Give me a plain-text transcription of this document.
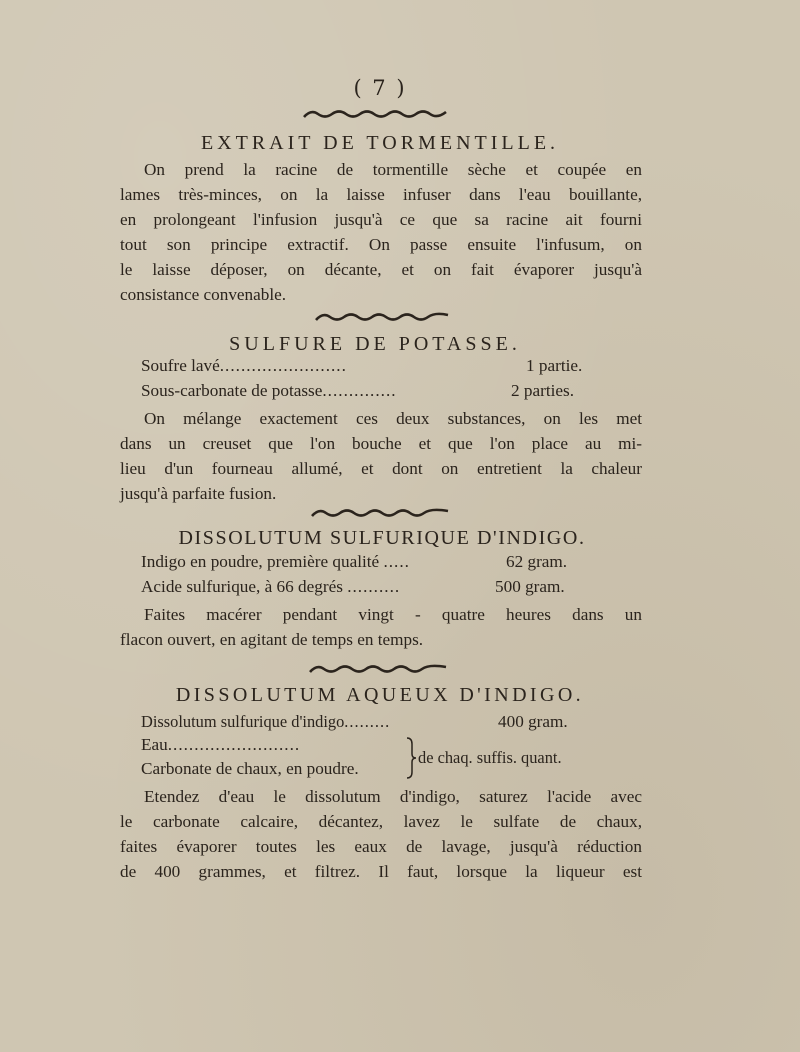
( 7 )
EXTRAIT DE TORMENTILLE.
On prend la racine de tormentille sèche et coupée en
lames très-minces, on la laisse infuser dans l'eau bouillante,
en prolongeant l'infusion jusqu'à ce que sa racine ait fourni
tout son principe extractif. On passe ensuite l'infusum, on
le laisse déposer, on décante, et on fait évaporer jusqu'à
consistance convenable.
SULFURE DE POTASSE.
Soufre lavé........................	1 partie.
Sous-carbonate de potasse..............	2 parties.
On mélange exactement ces deux substances, on les met
dans un creuset que l'on bouche et que l'on place au mi-
lieu d'un fourneau allumé, et dont on entretient la chaleur
jusqu'à parfaite fusion.
DISSOLUTUM SULFURIQUE D'INDIGO.
Indigo en poudre, première qualité .....	62 gram.
Acide sulfurique, à 66 degrés ..........	500 gram.
Faites macérer pendant vingt - quatre heures dans un
flacon ouvert, en agitant de temps en temps.
DISSOLUTUM AQUEUX D'INDIGO.
Dissolutum sulfurique d'indigo.........	400 gram.
Eau.........................
Carbonate de chaux, en poudre.
de chaq. suffis. quant.
Etendez d'eau le dissolutum d'indigo, saturez l'acide avec
le carbonate calcaire, décantez, lavez le sulfate de chaux,
faites évaporer toutes les eaux de lavage, jusqu'à réduction
de 400 grammes, et filtrez. Il faut, lorsque la liqueur est
